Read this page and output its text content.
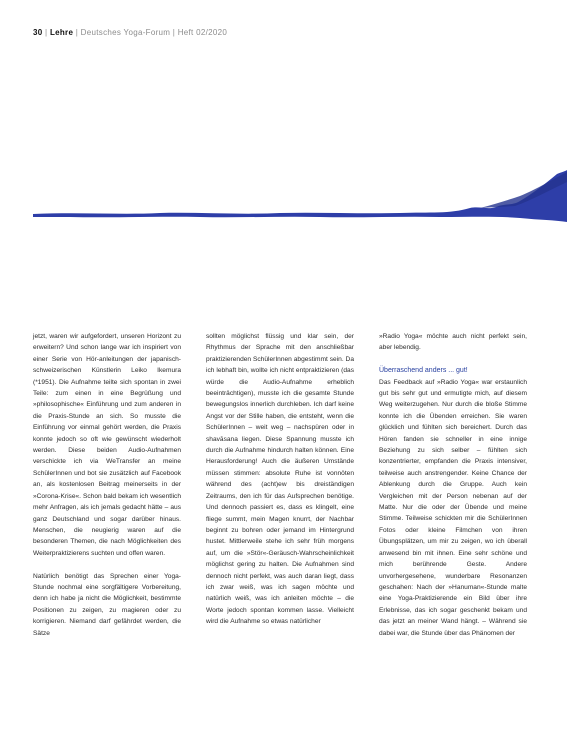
30 | Lehre | Deutsches Yoga-Forum | Heft 02/2020

jetzt, waren wir aufgefordert, unseren Horizont zu erweitern? Und schon lange war ich inspiriert von einer Serie von Hör-anleitungen der japanisch-schweizerischen Künstlerin Leiko Ikemura (*1951). Die Aufnahme teilte sich spontan in zwei Teile: zum einen in eine Begrüßung und »philosophische« Einführung und zum anderen in die Praxis-Stunde an sich. So musste die Einführung vor einmal gehört werden, die Praxis konnte jedoch so oft wie gewünscht wiederholt werden. Diese beiden Audio-Aufnahmen verschickte ich via WeTransfer an meine SchülerInnen und bot sie zusätzlich auf Facebook an, als kostenlosen Beitrag meinerseits in der »Corona-Krise«. Schon bald bekam ich wesentlich mehr Anfragen, als ich jemals gedacht hätte – aus ganz Deutschland und sogar darüber hinaus. Menschen, die neugierig waren auf die besonderen Themen, die nach Möglichkeiten des Weiterpraktizierens suchten und offen waren.

Natürlich benötigt das Sprechen einer Yoga-Stunde nochmal eine sorgfältigere Vorbereitung, denn ich habe ja nicht die Möglichkeit, bestimmte Positionen zu zeigen, zu magieren oder zu korrigieren. Niemand darf gefährdet werden, die Sätze

sollten möglichst flüssig und klar sein, der Rhythmus der Sprache mit den anschließbar praktizierenden SchülerInnen abgestimmt sein. Da ich lebhaft bin, wollte ich nicht entpraktizieren (das würde die Audio-Aufnahme erheblich beeinträchtigen), musste ich die gesamte Stunde bewegungslos innerlich durchleben. Ich darf keine Angst vor der Stille haben, die entsteht, wenn die SchülerInnen – weit weg – nachspüren oder in shavāsana liegen. Diese Spannung musste ich durch die Aufnahme hindurch halten können. Eine Herausforderung! Auch die äußeren Umstände müssen stimmen: absolute Ruhe ist vonnöten während des (acht)ew bis dreiständigen Zeitraums, den ich für das Aufsprechen benötige. Und dennoch passiert es, dass es klingelt, eine fliege summt, mein Magen knurrt, der Nachbar beginnt zu bohren oder jemand im Hintergrund hustet. Mittlerweile stehe ich sehr früh morgens auf, um die »Stör«-Geräusch-Wahrscheinlichkeit möglichst gering zu halten. Die Aufnahmen sind dennoch nicht perfekt, was auch daran liegt, dass ich zwar weiß, was ich sagen möchte und natürlich weiß, was ich anleiten möchte – die Worte jedoch spontan kommen lasse. Vielleicht wird die Aufnahme so etwas natürlicher

»Radio Yoga« möchte auch nicht perfekt sein, aber lebendig.

Überraschend anders ... gut!

Das Feedback auf »Radio Yoga« war erstaunlich gut bis sehr gut und ermutigte mich, auf diesem Weg weiterzugehen. Nur durch die bloße Stimme konnte ich die Übenden erreichen. Sie waren glücklich und fühlten sich bereichert. Durch das Hören fanden sie schneller in eine innige Beziehung zu sich selber – fühlten sich konzentrierter, empfanden die Praxis intensiver, teilweise auch anstrengender. Keine Chance der Ablenkung durch die Gruppe. Auch kein Vergleichen mit der Person nebenan auf der Matte. Nur die oder der Übende und meine Stimme. Teilweise schickten mir die SchülerInnen Fotos oder kleine Filmchen von ihren Übungsplätzen, um mir zu zeigen, wo ich überall anwesend bin mit ihnen. Eine sehr schöne und mich berührende Geste. Andere unvorhergesehene, wunderbare Resonanzen geschahen: Nach der »Hanuman«-Stunde malte eine Yoga-Praktizierende ein Bild über ihre Erlebnisse, das ich sogar geschenkt bekam und das jetzt an meiner Wand hängt. – Während sie dabei war, die Stunde über das Phänomen der
